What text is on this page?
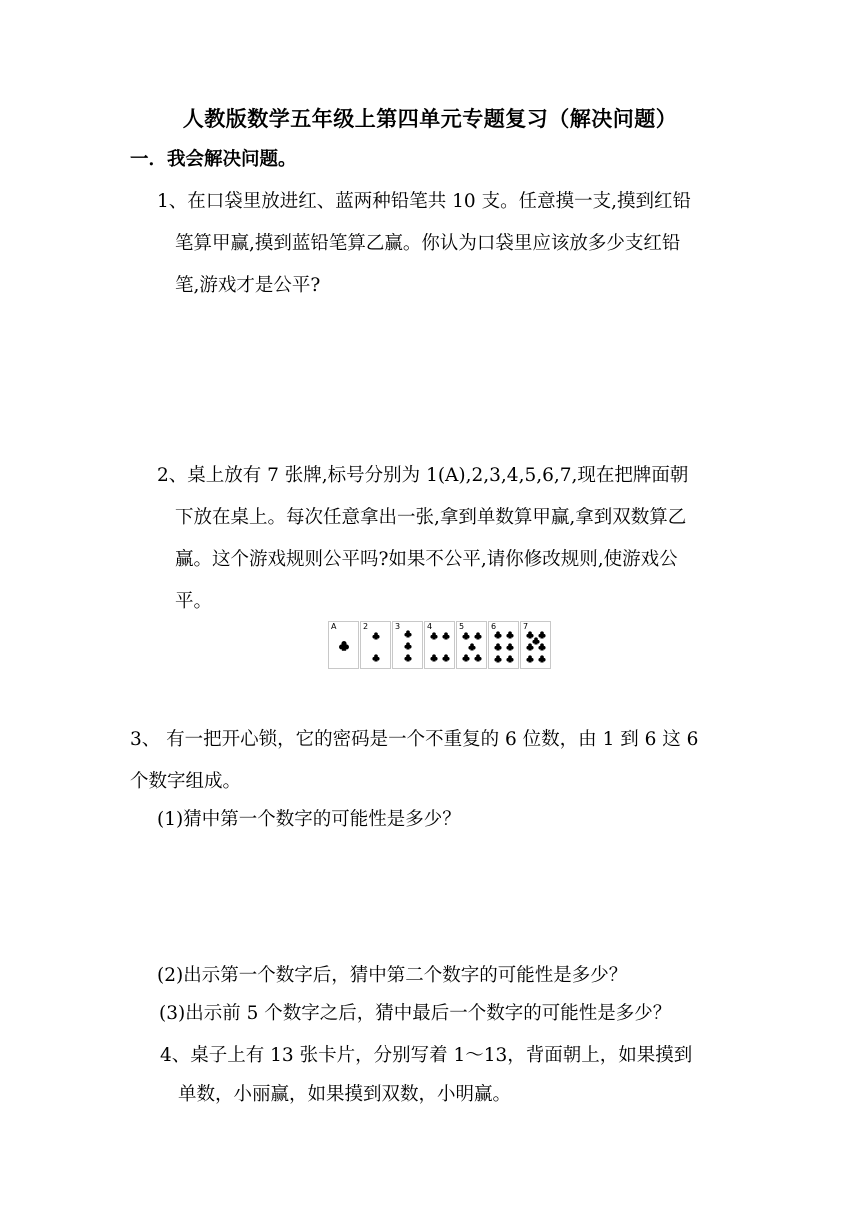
人教版数学五年级上第四单元专题复习（解决问题）
一．我会解决问题。
1、在口袋里放进红、蓝两种铅笔共 10 支。任意摸一支,摸到红铅
笔算甲赢,摸到蓝铅笔算乙赢。你认为口袋里应该放多少支红铅
笔,游戏才是公平?
2、桌上放有 7 张牌,标号分别为 1(A),2,3,4,5,6,7,现在把牌面朝
下放在桌上。每次任意拿出一张,拿到单数算甲赢,拿到双数算乙
赢。这个游戏规则公平吗?如果不公平,请你修改规则,使游戏公
平。
A	2	3	4	5	6	7
3、 有一把开心锁，它的密码是一个不重复的 6 位数，由 1 到 6 这 6
个数字组成。
(1)猜中第一个数字的可能性是多少？
(2)出示第一个数字后，猜中第二个数字的可能性是多少？
(3)出示前 5 个数字之后，猜中最后一个数字的可能性是多少？
4、桌子上有 13 张卡片，分别写着 1～13，背面朝上，如果摸到
单数，小丽赢，如果摸到双数，小明赢。
